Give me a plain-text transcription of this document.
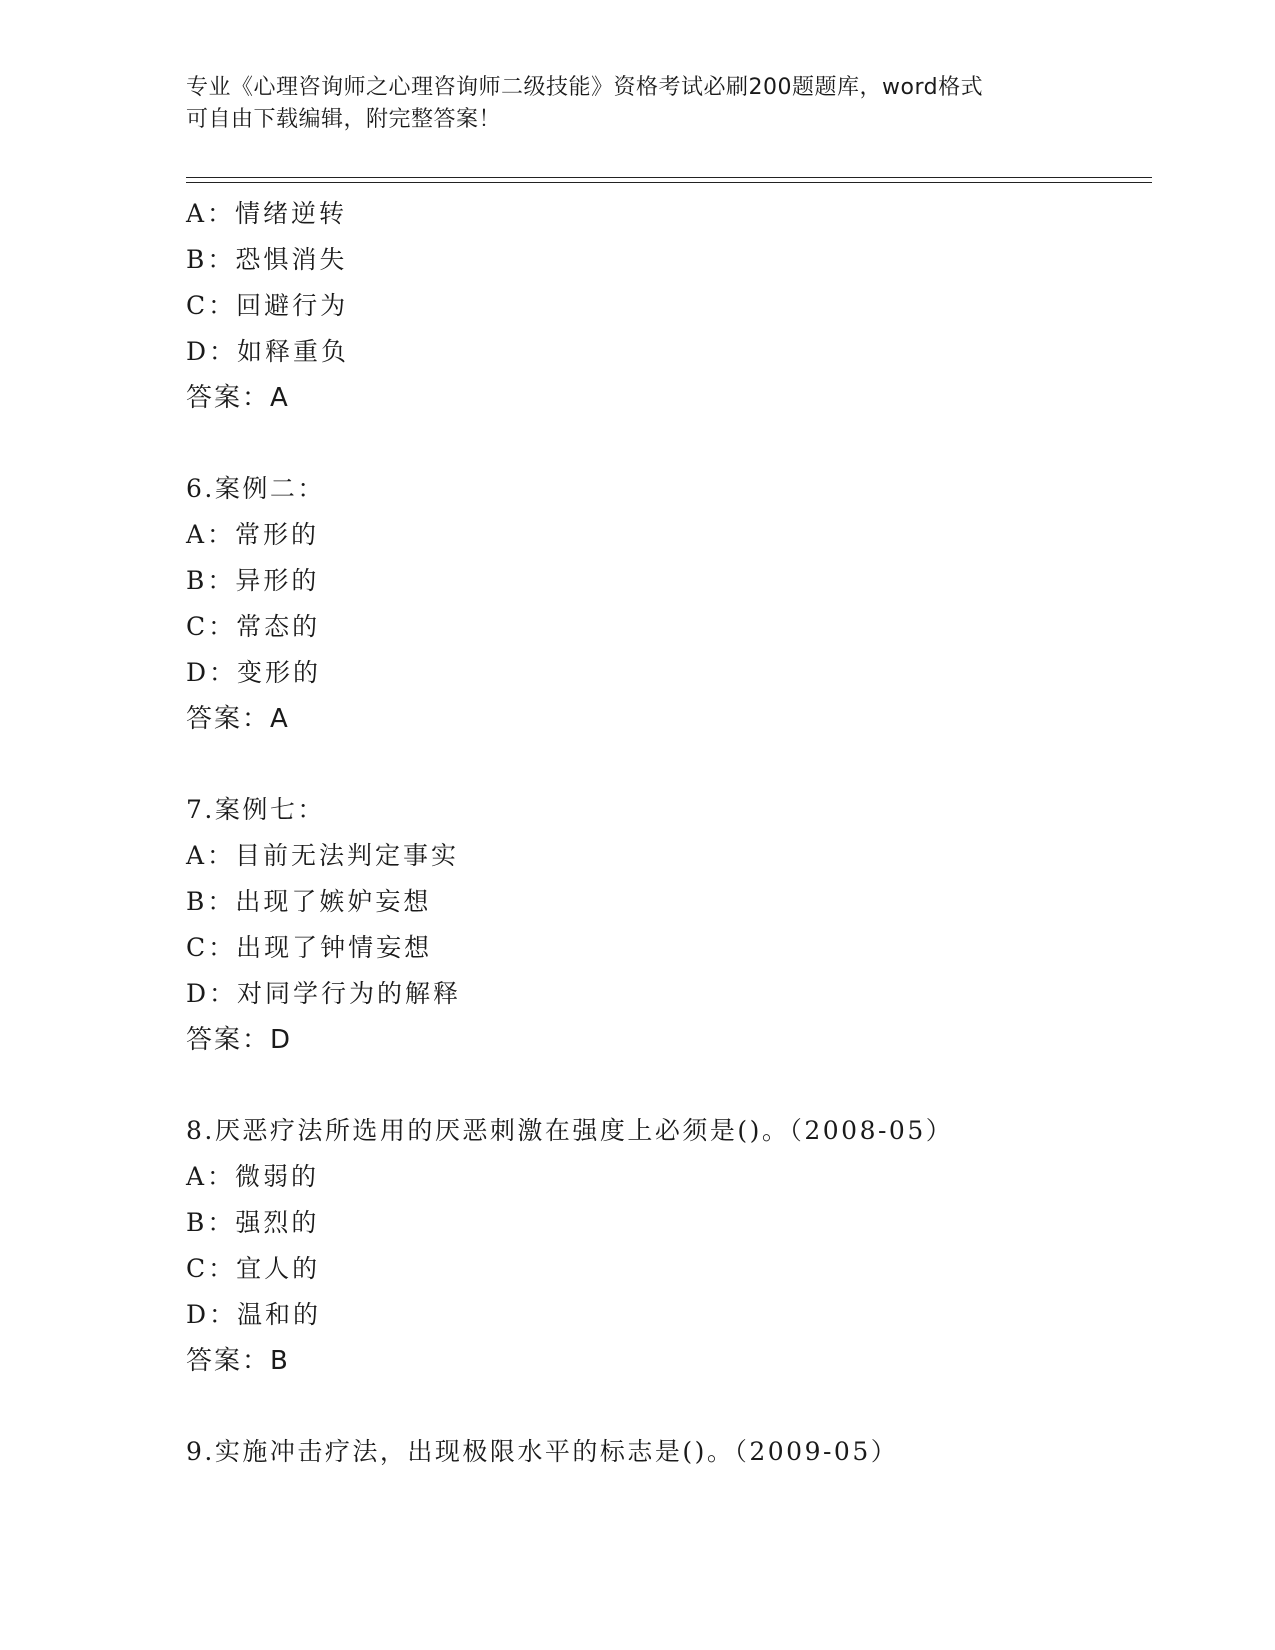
专业《心理咨询师之心理咨询师二级技能》资格考试必刷200题题库，word格式
可自由下载编辑，附完整答案！
A：情绪逆转
B：恐惧消失
C：回避行为
D：如释重负
答案：A
6.案例二：
A：常形的
B：异形的
C：常态的
D：变形的
答案：A
7.案例七：
A：目前无法判定事实
B：出现了嫉妒妄想
C：出现了钟情妄想
D：对同学行为的解释
答案：D
8.厌恶疗法所选用的厌恶刺激在强度上必须是()。（2008-05）
A：微弱的
B：强烈的
C：宜人的
D：温和的
答案：B
9.实施冲击疗法，出现极限水平的标志是()。（2009-05）
